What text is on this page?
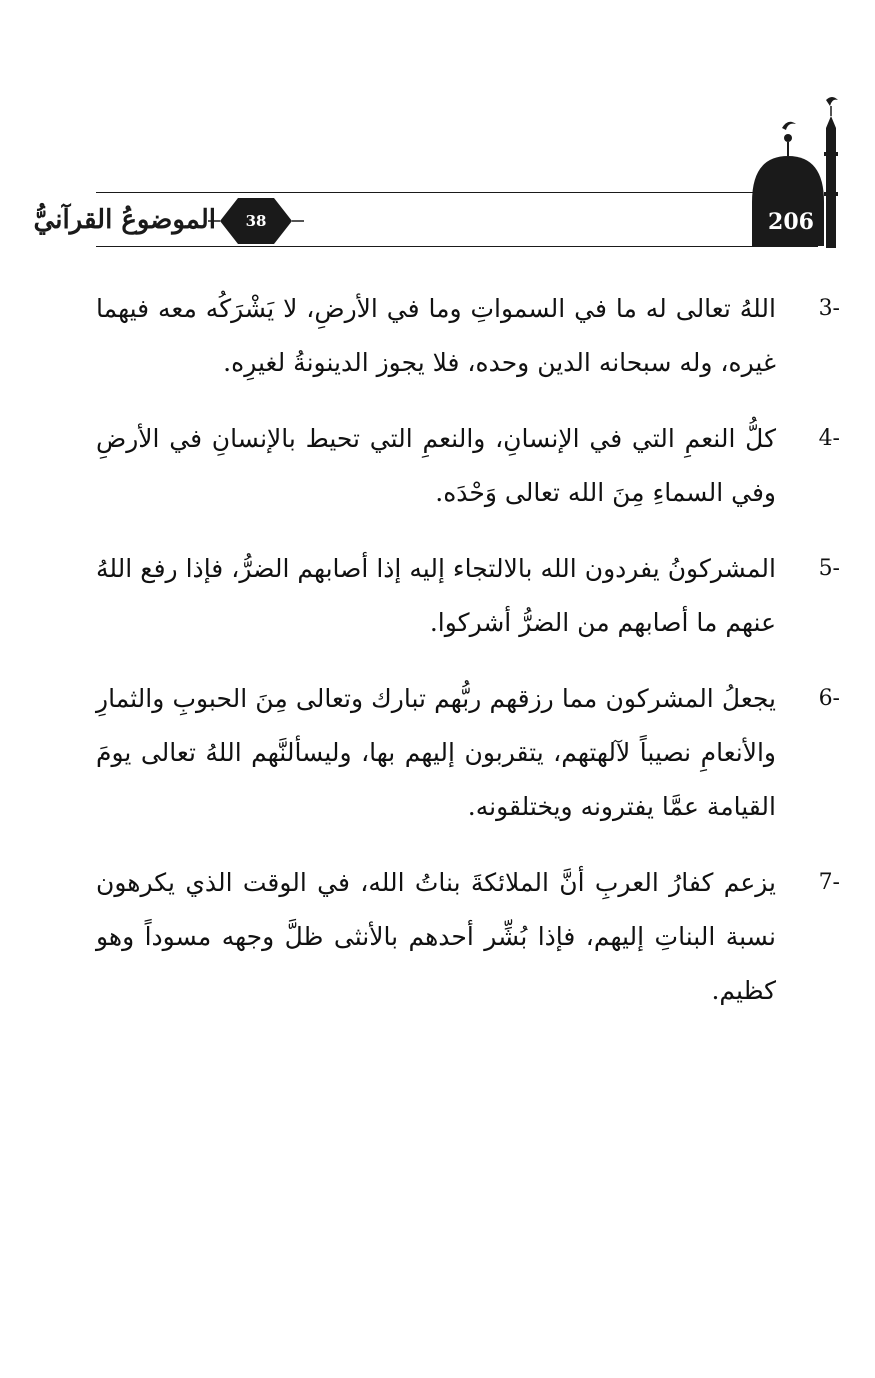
206
38
الموضوعُ القرآنيُّ
3-
اللهُ تعالى له ما في السمواتِ وما في الأرضِ، لا يَشْرَكُه معه فيهما غيره، وله سبحانه الدين وحده، فلا يجوز الدينونةُ لغيرِه.
4-
كلُّ النعمِ التي في الإنسانِ، والنعمِ التي تحيط بالإنسانِ في الأرضِ وفي السماءِ مِنَ الله تعالى وَحْدَه.
5-
المشركونُ يفردون الله بالالتجاء إليه إذا أصابهم الضرُّ، فإذا رفع اللهُ عنهم ما أصابهم من الضرُّ أشركوا.
6-
يجعلُ المشركون مما رزقهم ربُّهم تبارك وتعالى مِنَ الحبوبِ والثمارِ والأنعامِ نصيباً لآلهتهم، يتقربون إليهم بها، وليسألنَّهم اللهُ تعالى يومَ القيامة عمَّا يفترونه ويختلقونه.
7-
يزعم كفارُ العربِ أنَّ الملائكةَ بناتُ الله، في الوقت الذي يكرهون نسبة البناتِ إليهم، فإذا بُشِّر أحدهم بالأنثى ظلَّ وجهه مسوداً وهو كظيم.
